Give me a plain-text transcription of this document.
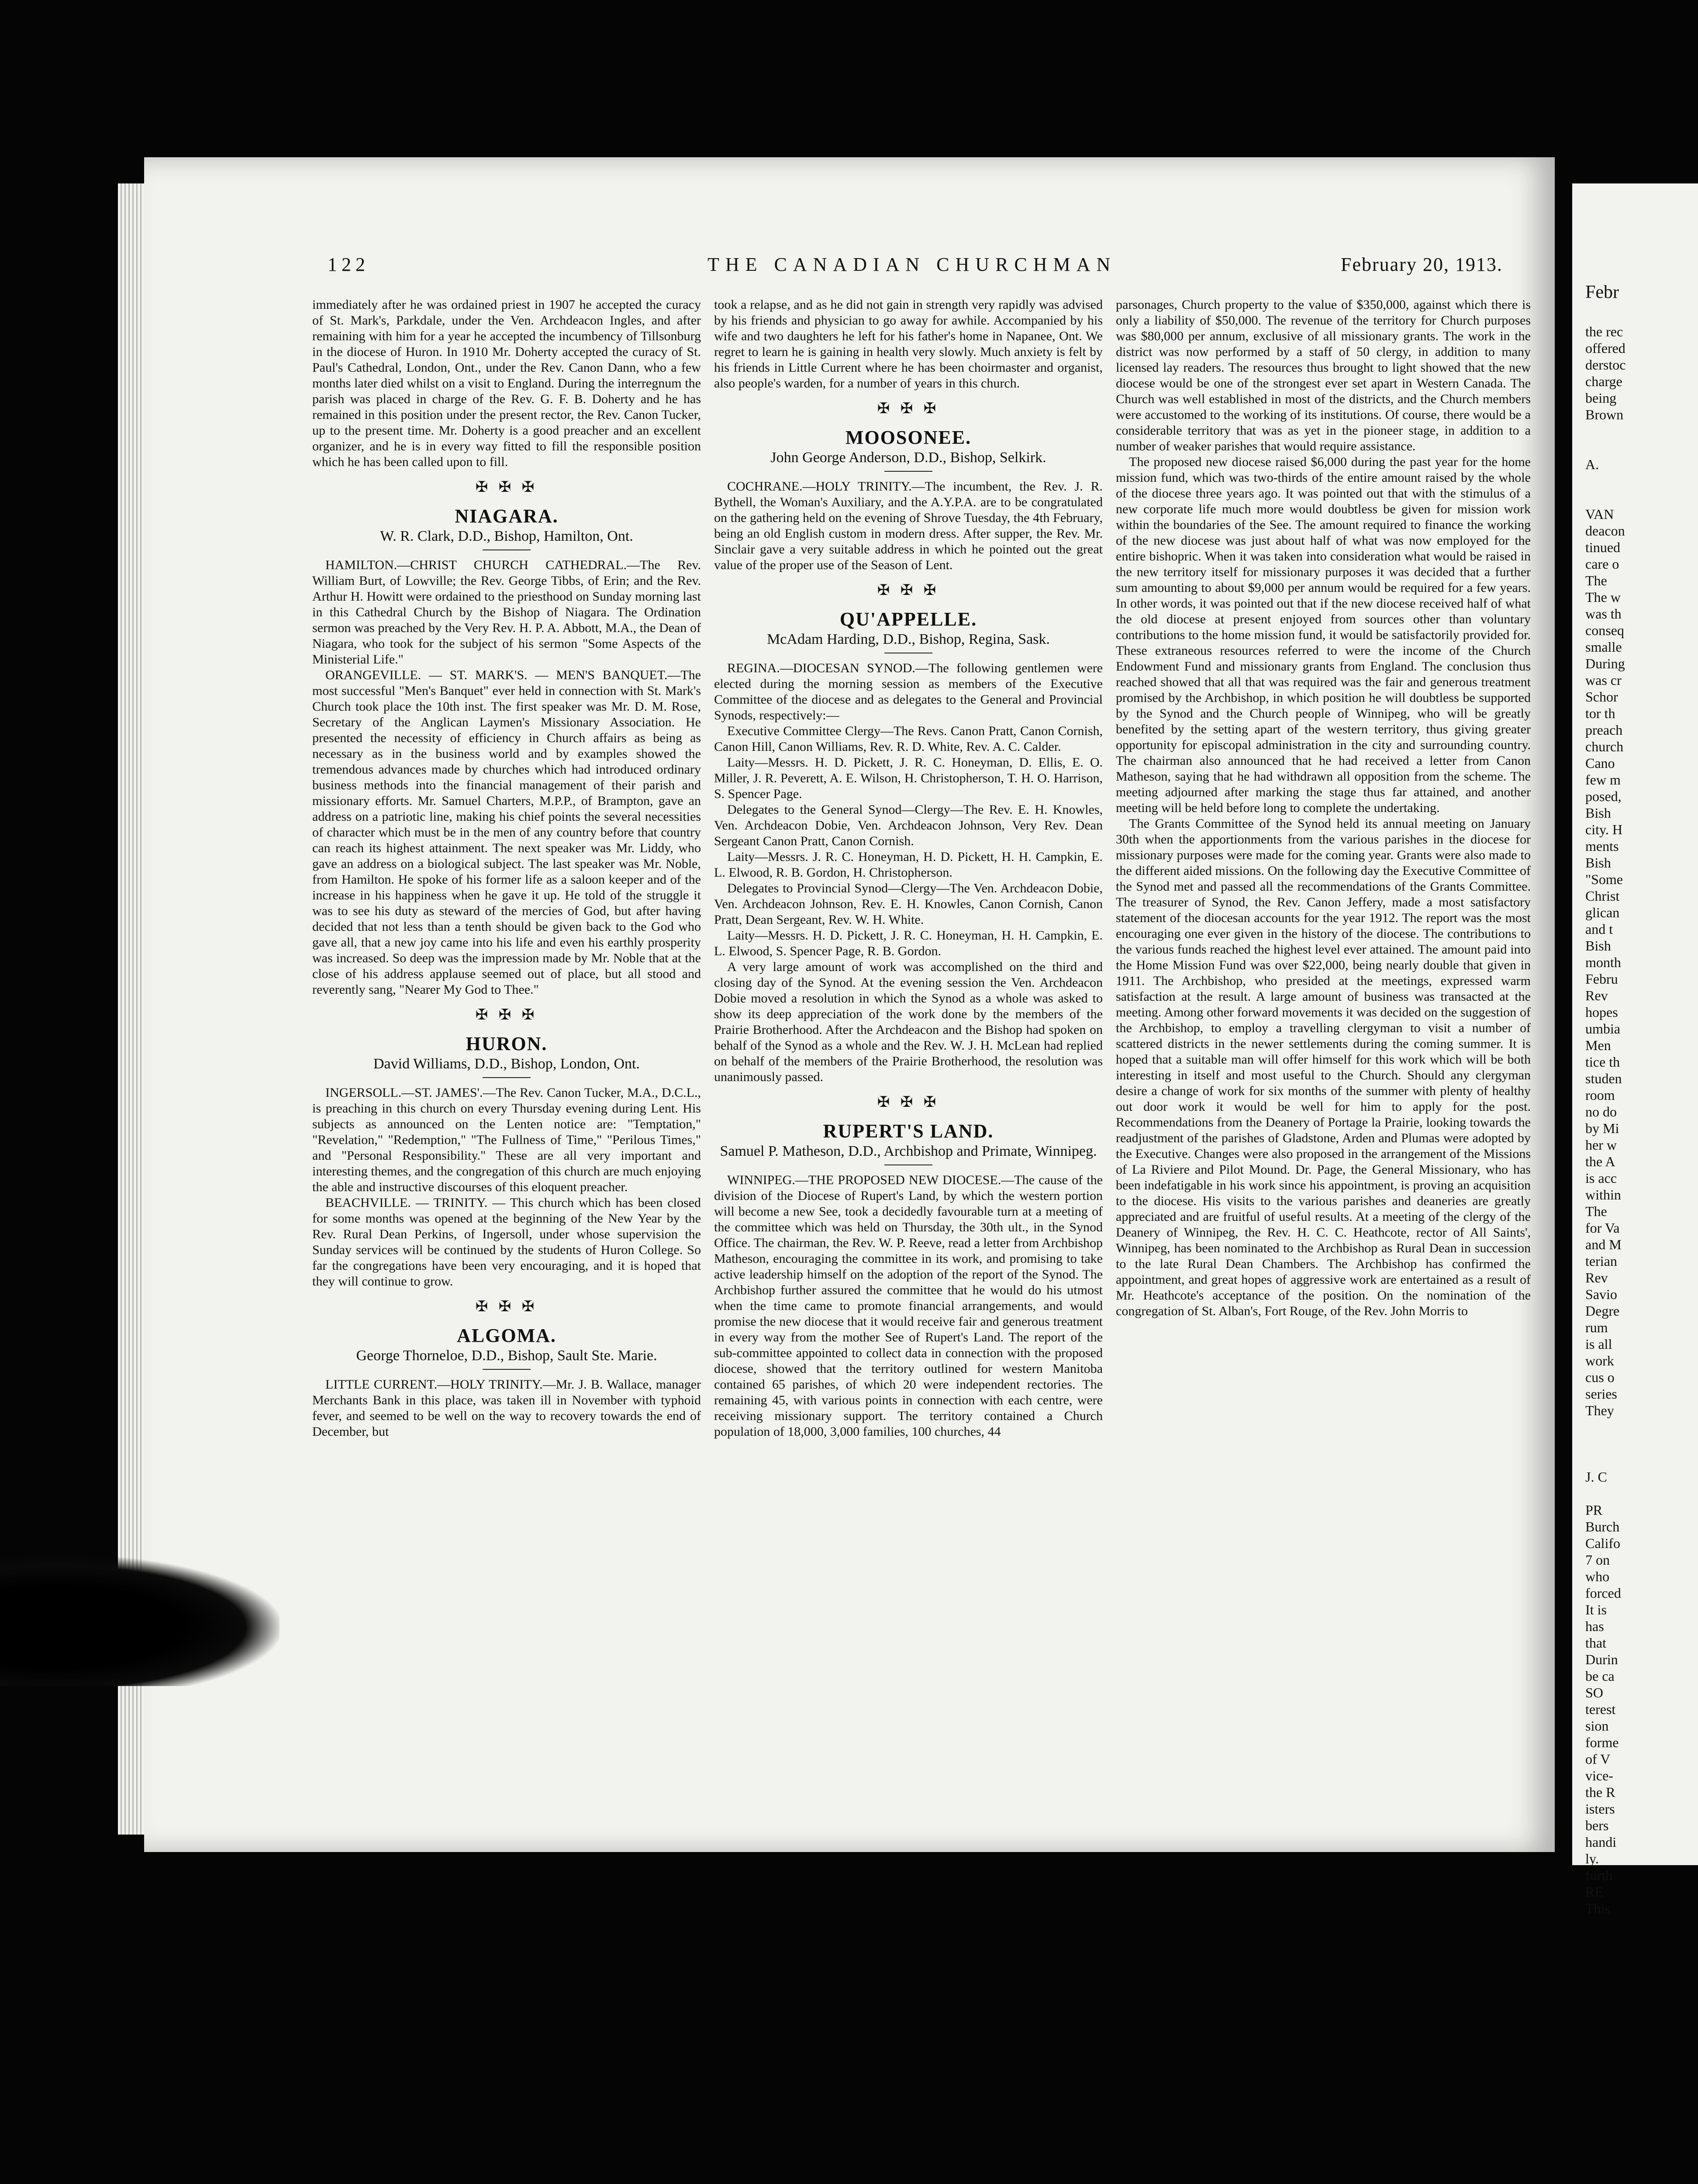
122	THE CANADIAN CHURCHMAN	February 20, 1913.

immediately after he was ordained priest in 1907 he accepted the curacy of St. Mark's, Parkdale, under the Ven. Archdeacon Ingles, and after remaining with him for a year he accepted the incumbency of Tillsonburg in the diocese of Huron. In 1910 Mr. Doherty accepted the curacy of St. Paul's Cathedral, London, Ont., under the Rev. Canon Dann, who a few months later died whilst on a visit to England. During the interregnum the parish was placed in charge of the Rev. G. F. B. Doherty and he has remained in this position under the present rector, the Rev. Canon Tucker, up to the present time. Mr. Doherty is a good preacher and an excellent organizer, and he is in every way fitted to fill the responsible position which he has been called upon to fill.

✠ ✠ ✠
NIAGARA.
W. R. Clark, D.D., Bishop, Hamilton, Ont.

HAMILTON.—CHRIST CHURCH CATHEDRAL.—The Rev. William Burt, of Lowville; the Rev. George Tibbs, of Erin; and the Rev. Arthur H. Howitt were ordained to the priesthood on Sunday morning last in this Cathedral Church by the Bishop of Niagara. The Ordination sermon was preached by the Very Rev. H. P. A. Abbott, M.A., the Dean of Niagara, who took for the subject of his sermon "Some Aspects of the Ministerial Life."

ORANGEVILLE. — ST. MARK'S. — MEN'S BANQUET.—The most successful "Men's Banquet" ever held in connection with St. Mark's Church took place the 10th inst. The first speaker was Mr. D. M. Rose, Secretary of the Anglican Laymen's Missionary Association. He presented the necessity of efficiency in Church affairs as being as necessary as in the business world and by examples showed the tremendous advances made by churches which had introduced ordinary business methods into the financial management of their parish and missionary efforts. Mr. Samuel Charters, M.P.P., of Brampton, gave an address on a patriotic line, making his chief points the several necessities of character which must be in the men of any country before that country can reach its highest attainment. The next speaker was Mr. Liddy, who gave an address on a biological subject. The last speaker was Mr. Noble, from Hamilton. He spoke of his former life as a saloon keeper and of the increase in his happiness when he gave it up. He told of the struggle it was to see his duty as steward of the mercies of God, but after having decided that not less than a tenth should be given back to the God who gave all, that a new joy came into his life and even his earthly prosperity was increased. So deep was the impression made by Mr. Noble that at the close of his address applause seemed out of place, but all stood and reverently sang, "Nearer My God to Thee."

✠ ✠ ✠
HURON.
David Williams, D.D., Bishop, London, Ont.

INGERSOLL.—ST. JAMES'.—The Rev. Canon Tucker, M.A., D.C.L., is preaching in this church on every Thursday evening during Lent. His subjects as announced on the Lenten notice are: "Temptation," "Revelation," "Redemption," "The Fullness of Time," "Perilous Times," and "Personal Responsibility." These are all very important and interesting themes, and the congregation of this church are much enjoying the able and instructive discourses of this eloquent preacher.

BEACHVILLE. — TRINITY. — This church which has been closed for some months was opened at the beginning of the New Year by the Rev. Rural Dean Perkins, of Ingersoll, under whose supervision the Sunday services will be continued by the students of Huron College. So far the congregations have been very encouraging, and it is hoped that they will continue to grow.

✠ ✠ ✠
ALGOMA.
George Thorneloe, D.D., Bishop, Sault Ste. Marie.

LITTLE CURRENT.—HOLY TRINITY.—Mr. J. B. Wallace, manager Merchants Bank in this place, was taken ill in November with typhoid fever, and seemed to be well on the way to recovery towards the end of December, but

took a relapse, and as he did not gain in strength very rapidly was advised by his friends and physician to go away for awhile. Accompanied by his wife and two daughters he left for his father's home in Napanee, Ont. We regret to learn he is gaining in health very slowly. Much anxiety is felt by his friends in Little Current where he has been choirmaster and organist, also people's warden, for a number of years in this church.

✠ ✠ ✠
MOOSONEE.
John George Anderson, D.D., Bishop, Selkirk.

COCHRANE.—HOLY TRINITY.—The incumbent, the Rev. J. R. Bythell, the Woman's Auxiliary, and the A.Y.P.A. are to be congratulated on the gathering held on the evening of Shrove Tuesday, the 4th February, being an old English custom in modern dress. After supper, the Rev. Mr. Sinclair gave a very suitable address in which he pointed out the great value of the proper use of the Season of Lent.

✠ ✠ ✠
QU'APPELLE.
McAdam Harding, D.D., Bishop, Regina, Sask.

REGINA.—DIOCESAN SYNOD.—The following gentlemen were elected during the morning session as members of the Executive Committee of the diocese and as delegates to the General and Provincial Synods, respectively:—

Executive Committee Clergy—The Revs. Canon Pratt, Canon Cornish, Canon Hill, Canon Williams, Rev. R. D. White, Rev. A. C. Calder.

Laity—Messrs. H. D. Pickett, J. R. C. Honeyman, D. Ellis, E. O. Miller, J. R. Peverett, A. E. Wilson, H. Christopherson, T. H. O. Harrison, S. Spencer Page.

Delegates to the General Synod—Clergy—The Rev. E. H. Knowles, Ven. Archdeacon Dobie, Ven. Archdeacon Johnson, Very Rev. Dean Sergeant Canon Pratt, Canon Cornish.

Laity—Messrs. J. R. C. Honeyman, H. D. Pickett, H. H. Campkin, E. L. Elwood, R. B. Gordon, H. Christopherson.

Delegates to Provincial Synod—Clergy—The Ven. Archdeacon Dobie, Ven. Archdeacon Johnson, Rev. E. H. Knowles, Canon Cornish, Canon Pratt, Dean Sergeant, Rev. W. H. White.

Laity—Messrs. H. D. Pickett, J. R. C. Honeyman, H. H. Campkin, E. L. Elwood, S. Spencer Page, R. B. Gordon.

A very large amount of work was accomplished on the third and closing day of the Synod. At the evening session the Ven. Archdeacon Dobie moved a resolution in which the Synod as a whole was asked to show its deep appreciation of the work done by the members of the Prairie Brotherhood. After the Archdeacon and the Bishop had spoken on behalf of the Synod as a whole and the Rev. W. J. H. McLean had replied on behalf of the members of the Prairie Brotherhood, the resolution was unanimously passed.

✠ ✠ ✠
RUPERT'S LAND.
Samuel P. Matheson, D.D., Archbishop and Primate, Winnipeg.

WINNIPEG.—THE PROPOSED NEW DIOCESE.—The cause of the division of the Diocese of Rupert's Land, by which the western portion will become a new See, took a decidedly favourable turn at a meeting of the committee which was held on Thursday, the 30th ult., in the Synod Office. The chairman, the Rev. W. P. Reeve, read a letter from Archbishop Matheson, encouraging the committee in its work, and promising to take active leadership himself on the adoption of the report of the Synod. The Archbishop further assured the committee that he would do his utmost when the time came to promote financial arrangements, and would promise the new diocese that it would receive fair and generous treatment in every way from the mother See of Rupert's Land. The report of the sub-committee appointed to collect data in connection with the proposed diocese, showed that the territory outlined for western Manitoba contained 65 parishes, of which 20 were independent rectories. The remaining 45, with various points in connection with each centre, were receiving missionary support. The territory contained a Church population of 18,000, 3,000 families, 100 churches, 44

parsonages, Church property to the value of $350,000, against which there is only a liability of $50,000. The revenue of the territory for Church purposes was $80,000 per annum, exclusive of all missionary grants. The work in the district was now performed by a staff of 50 clergy, in addition to many licensed lay readers. The resources thus brought to light showed that the new diocese would be one of the strongest ever set apart in Western Canada. The Church was well established in most of the districts, and the Church members were accustomed to the working of its institutions. Of course, there would be a considerable territory that was as yet in the pioneer stage, in addition to a number of weaker parishes that would require assistance.

The proposed new diocese raised $6,000 during the past year for the home mission fund, which was two-thirds of the entire amount raised by the whole of the diocese three years ago. It was pointed out that with the stimulus of a new corporate life much more would doubtless be given for mission work within the boundaries of the See. The amount required to finance the working of the new diocese was just about half of what was now employed for the entire bishopric. When it was taken into consideration what would be raised in the new territory itself for missionary purposes it was decided that a further sum amounting to about $9,000 per annum would be required for a few years. In other words, it was pointed out that if the new diocese received half of what the old diocese at present enjoyed from sources other than voluntary contributions to the home mission fund, it would be satisfactorily provided for. These extraneous resources referred to were the income of the Church Endowment Fund and missionary grants from England. The conclusion thus reached showed that all that was required was the fair and generous treatment promised by the Archbishop, in which position he will doubtless be supported by the Synod and the Church people of Winnipeg, who will be greatly benefited by the setting apart of the western territory, thus giving greater opportunity for episcopal administration in the city and surrounding country. The chairman also announced that he had received a letter from Canon Matheson, saying that he had withdrawn all opposition from the scheme. The meeting adjourned after marking the stage thus far attained, and another meeting will be held before long to complete the undertaking.

The Grants Committee of the Synod held its annual meeting on January 30th when the apportionments from the various parishes in the diocese for missionary purposes were made for the coming year. Grants were also made to the different aided missions. On the following day the Executive Committee of the Synod met and passed all the recommendations of the Grants Committee. The treasurer of Synod, the Rev. Canon Jeffery, made a most satisfactory statement of the diocesan accounts for the year 1912. The report was the most encouraging one ever given in the history of the diocese. The contributions to the various funds reached the highest level ever attained. The amount paid into the Home Mission Fund was over $22,000, being nearly double that given in 1911. The Archbishop, who presided at the meetings, expressed warm satisfaction at the result. A large amount of business was transacted at the meeting. Among other forward movements it was decided on the suggestion of the Archbishop, to employ a travelling clergyman to visit a number of scattered districts in the newer settlements during the coming summer. It is hoped that a suitable man will offer himself for this work which will be both interesting in itself and most useful to the Church. Should any clergyman desire a change of work for six months of the summer with plenty of healthy out door work it would be well for him to apply for the post. Recommendations from the Deanery of Portage la Prairie, looking towards the readjustment of the parishes of Gladstone, Arden and Plumas were adopted by the Executive. Changes were also proposed in the arrangement of the Missions of La Riviere and Pilot Mound. Dr. Page, the General Missionary, who has been indefatigable in his work since his appointment, is proving an acquisition to the diocese. His visits to the various parishes and deaneries are greatly appreciated and are fruitful of useful results. At a meeting of the clergy of the Deanery of Winnipeg, the Rev. H. C. C. Heathcote, rector of All Saints', Winnipeg, has been nominated to the Archbishop as Rural Dean in succession to the late Rural Dean Chambers. The Archbishop has confirmed the appointment, and great hopes of aggressive work are entertained as a result of Mr. Heathcote's acceptance of the position. On the nomination of the congregation of St. Alban's, Fort Rouge, of the Rev. John Morris to

Febr
the rec
offered
derstoc
charge
being
Brown
A.
VAN
deacon
tinued
care o
The
The w
was th
conseq
smalle
During
was cr
Schor
tor th
preach
church
Cano
few m
posed,
Bish
city. H
ments
Bish
"Some
Christ
glican
and t
Bish
month
Febru
Rev
hopes
umbia
Men
tice th
studen
room
no do
by Mi
her w
the A
is acc
within
The
for Va
and M
terian
Rev
Savio
Degre
rum
is all
work
cus o
series
They
J. C
PR
Burch
Califo
7 on
who
forced
It is
has
that
Durin
be ca
SO
terest
sion
forme
of V
vice-
the R
isters
bers
handi
ly.
furth
RE
This
